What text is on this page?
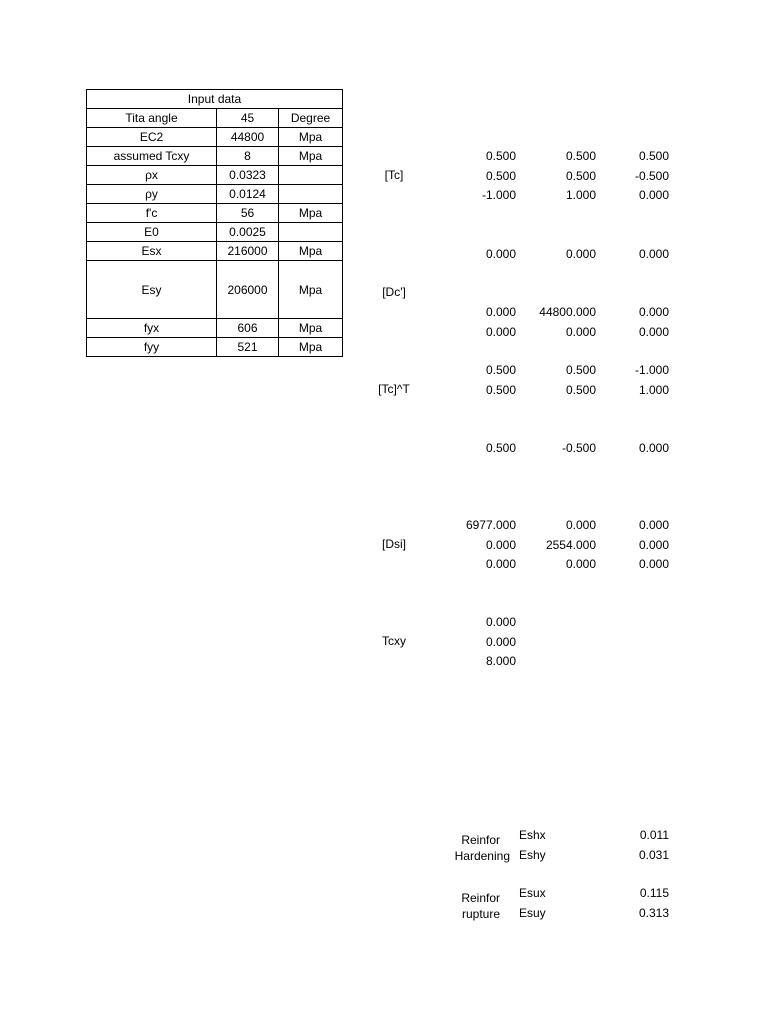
Input data		
Tita angle	45	Degree
EC2	44800	Mpa
assumed Tcxy	8	Mpa
ρx	0.0323	
ρy	0.0124	
f'c	56	Mpa
E0	0.0025	
Esx	216000	Mpa
Esy	206000	Mpa
fyx	606	Mpa
fyy	521	Mpa
[Tc]
0.500	0.500	0.500
0.500	0.500	-0.500
-1.000	1.000	0.000
[Dc']
0.000	0.000	0.000
0.000	44800.000	0.000
0.000	0.000	0.000
[Tc]^T
0.500	0.500	-1.000
0.500	0.500	1.000
0.500	-0.500	0.000
[Dsi]
6977.000	0.000	0.000
0.000	2554.000	0.000
0.000	0.000	0.000
Tcxy
0.000
0.000
8.000
Reinfor
Hardening
Eshx	0.011
Eshy	0.031
Reinfor
rupture
Esux	0.115
Esuy	0.313
